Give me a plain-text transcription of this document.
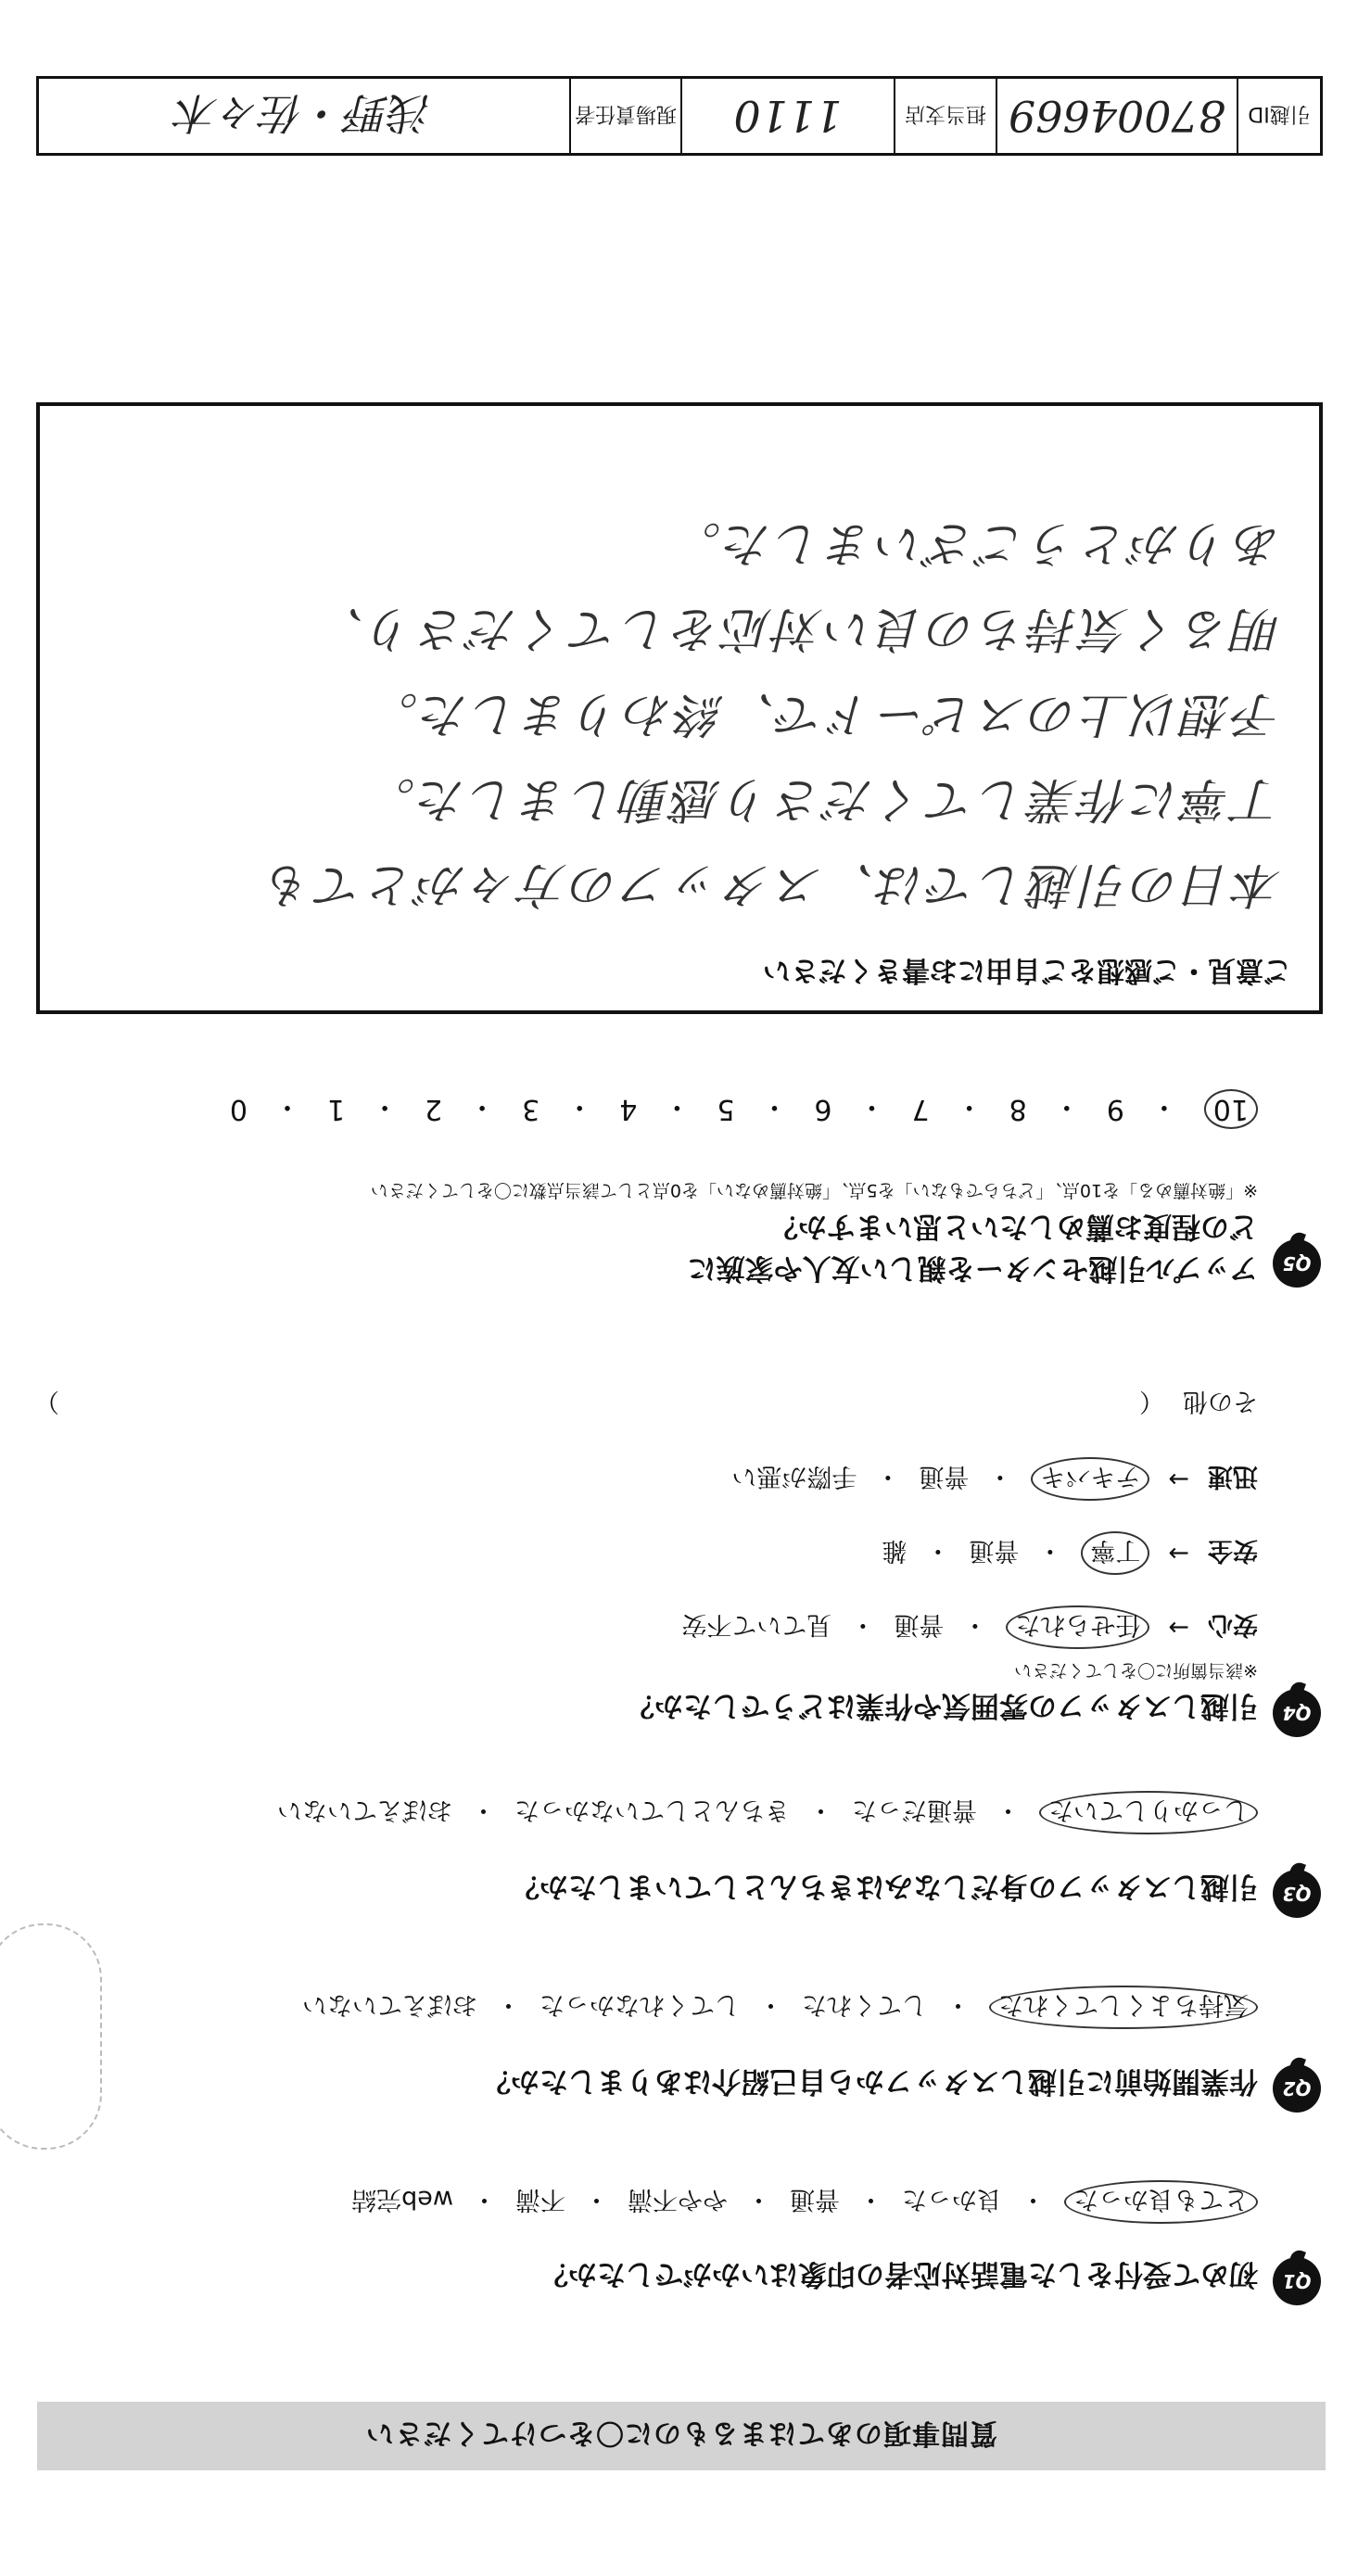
質問事項のあてはまるものに〇をつけてください
Q1
初めて受付をした電話対応者の印象はいかがでしたか？
とても良かった
・
良かった
・
普通
・
やや不満
・
不満
・
web完結
Q2
作業開始前に引越しスタッフから自己紹介はありましたか？
気持ちよくしてくれた
・
してくれた
・
してくれなかった
・
おぼえていない
Q3
引越しスタッフの身だしなみはきちんとしていましたか？
しっかりしていた
・
普通だった
・
きちんとしていなかった
・
おぼえていない
Q4
引越しスタッフの雰囲気や作業はどうでしたか？
※該当箇所に〇をしてください
安心
→
任せられた
・
普通
・
見ていて不安
安全
→
丁寧
・
普通
・
雑
迅速
→
テキパキ
・
普通
・
手際が悪い
その他
（
）
Q5
アップル引越センターを親しい友人や家族に
どの程度お薦めしたいと思いますか？
※「絶対薦める」を10点、「どちらでもない」を5点、「絶対薦めない」を0点として該当点数に〇をしてください
10
・
9
・
8
・
7
・
6
・
5
・
4
・
3
・
2
・
1
・
0
ご意見・ご感想をご自由にお書きください
本日の引越しでは、スタッフの方々がとても
丁寧に作業してくださり感動しました。
予想以上のスピードで、終わりました。
明るく気持ちの良い対応をしてくださり、
ありがとうございました。
引越ID
87004669
担当支店
1110
現場責任者
浅野・佐々木
